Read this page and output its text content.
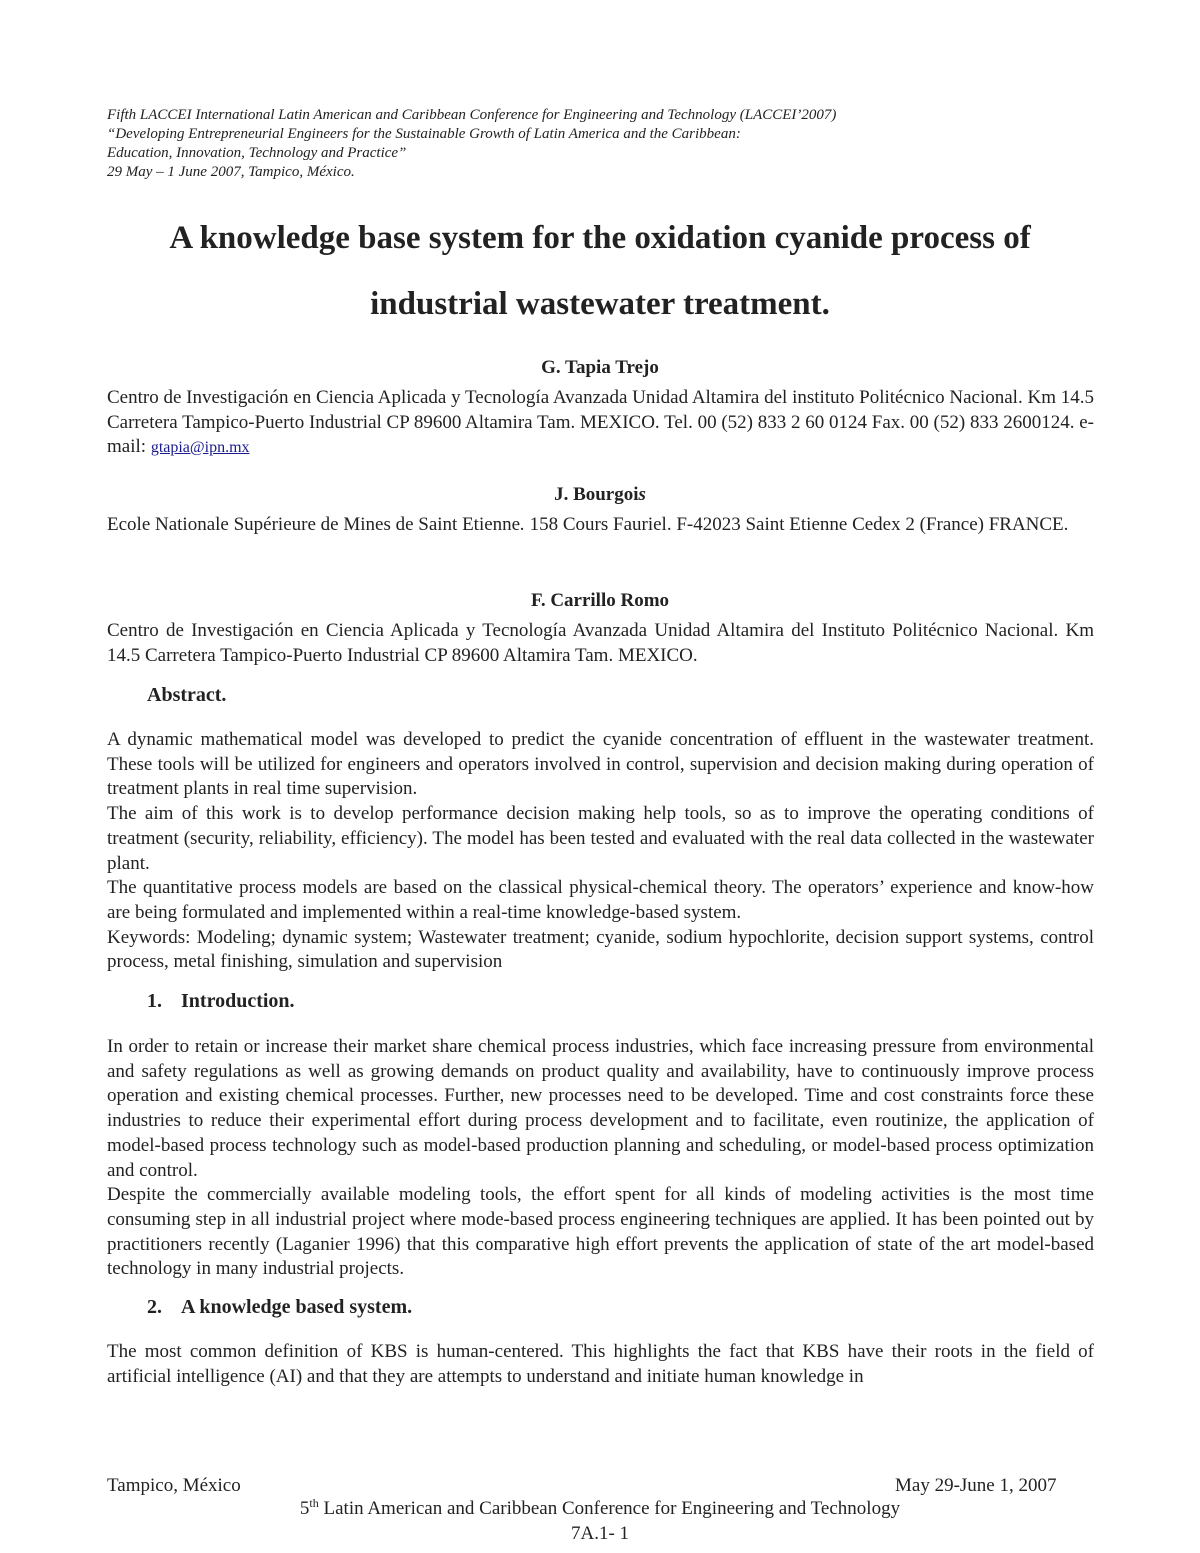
Fifth LACCEI International Latin American and Caribbean Conference for Engineering and Technology (LACCEI’2007)
“Developing Entrepreneurial Engineers for the Sustainable Growth of Latin America and the Caribbean:
Education, Innovation, Technology and Practice”
29 May – 1 June 2007, Tampico, México.
A knowledge base system for the oxidation cyanide process of
industrial wastewater treatment.
G. Tapia Trejo
Centro de Investigación en Ciencia Aplicada y Tecnología Avanzada Unidad Altamira del instituto Politécnico Nacional. Km 14.5 Carretera Tampico-Puerto Industrial CP 89600 Altamira Tam. MEXICO. Tel. 00 (52) 833 2 60 0124 Fax. 00 (52) 833 2600124. e-mail: gtapia@ipn.mx
J. Bourgois
Ecole Nationale Supérieure de Mines de Saint Etienne. 158 Cours Fauriel. F-42023 Saint Etienne Cedex 2 (France) FRANCE.
F. Carrillo Romo
Centro de Investigación en Ciencia Aplicada y Tecnología Avanzada Unidad Altamira del Instituto Politécnico Nacional. Km 14.5 Carretera Tampico-Puerto Industrial CP 89600 Altamira Tam. MEXICO.
Abstract.

A dynamic mathematical model was developed to predict the cyanide concentration of effluent in the wastewater treatment. These tools will be utilized for engineers and operators involved in control, supervision and decision making during operation of treatment plants in real time supervision.

The aim of this work is to develop performance decision making help tools, so as to improve the operating conditions of treatment (security, reliability, efficiency). The model has been tested and evaluated with the real data collected in the wastewater plant.

The quantitative process models are based on the classical physical-chemical theory. The operators’ experience and know-how are being formulated and implemented within a real-time knowledge-based system.

Keywords: Modeling; dynamic system; Wastewater treatment; cyanide, sodium hypochlorite, decision support systems, control process, metal finishing, simulation and supervision

1. Introduction.

In order to retain or increase their market share chemical process industries, which face increasing pressure from environmental and safety regulations as well as growing demands on product quality and availability, have to continuously improve process operation and existing chemical processes. Further, new processes need to be developed. Time and cost constraints force these industries to reduce their experimental effort during process development and to facilitate, even routinize, the application of model-based process technology such as model-based production planning and scheduling, or model-based process optimization and control.

Despite the commercially available modeling tools, the effort spent for all kinds of modeling activities is the most time consuming step in all industrial project where mode-based process engineering techniques are applied. It has been pointed out by practitioners recently (Laganier 1996) that this comparative high effort prevents the application of state of the art model-based technology in many industrial projects.

2. A knowledge based system.

The most common definition of KBS is human-centered. This highlights the fact that KBS have their roots in the field of artificial intelligence (AI) and that they are attempts to understand and initiate human knowledge in

Tampico, México	May 29-June 1, 2007
5th Latin American and Caribbean Conference for Engineering and Technology
7A.1- 1
